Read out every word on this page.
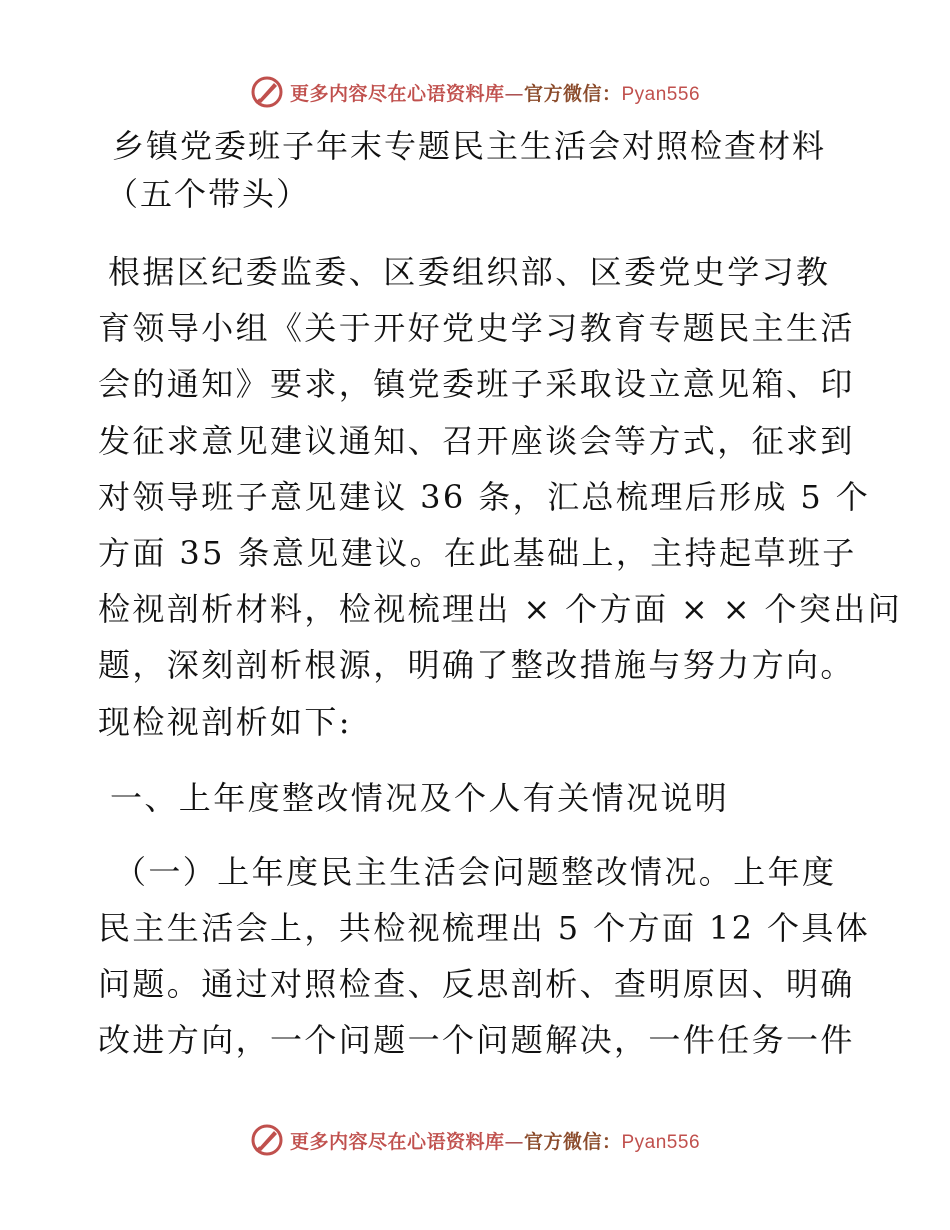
更多内容尽在心语资料库—官方微信：Pyan556
乡镇党委班子年末专题民主生活会对照检查材料
（五个带头）

根据区纪委监委、区委组织部、区委党史学习教
育领导小组《关于开好党史学习教育专题民主生活
会的通知》要求，镇党委班子采取设立意见箱、印
发征求意见建议通知、召开座谈会等方式，征求到
对领导班子意见建议 36 条，汇总梳理后形成 5 个
方面 35 条意见建议。在此基础上，主持起草班子
检视剖析材料，检视梳理出 × 个方面 × × 个突出问
题，深刻剖析根源，明确了整改措施与努力方向。
现检视剖析如下:

一、上年度整改情况及个人有关情况说明

（一）上年度民主生活会问题整改情况。上年度
民主生活会上，共检视梳理出 5 个方面 12 个具体
问题。通过对照检查、反思剖析、查明原因、明确
改进方向，一个问题一个问题解决，一件任务一件

更多内容尽在心语资料库—官方微信：Pyan556
